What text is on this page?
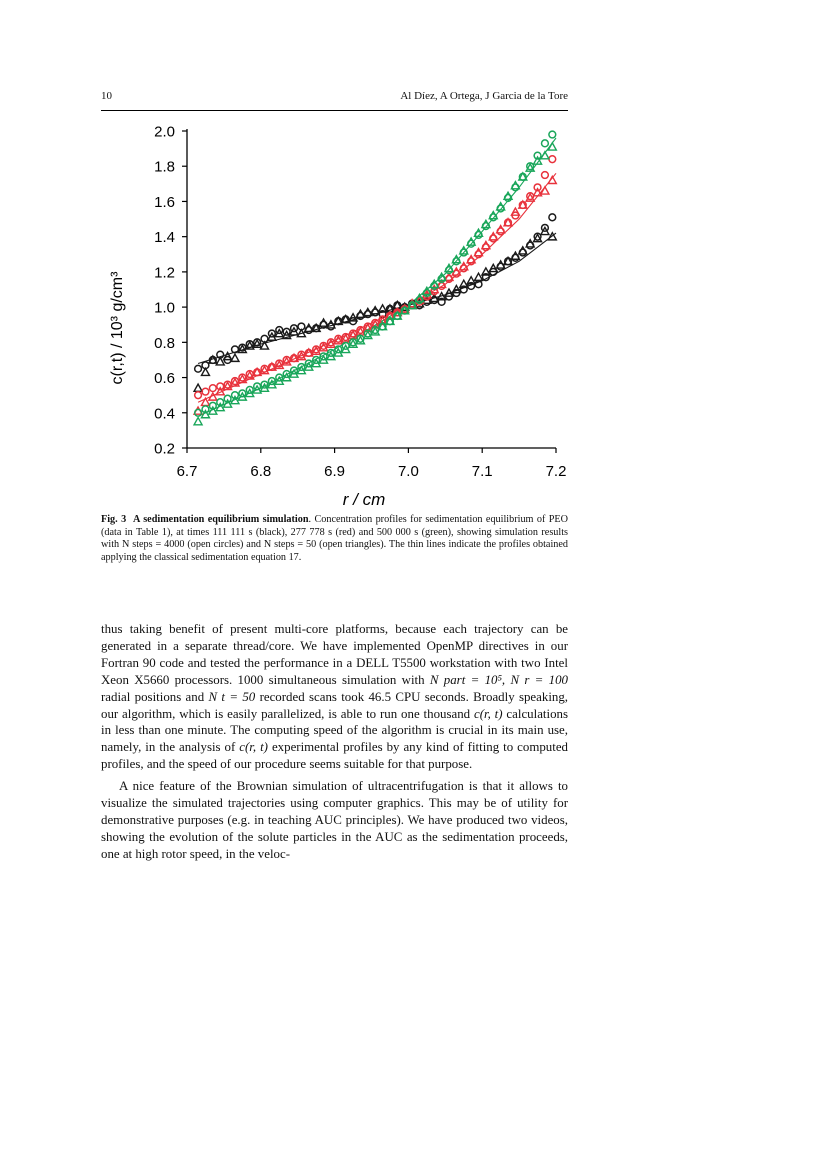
10	Al Díez, A Ortega, J Garcia de la Tore
0.2
0.4
0.6
0.8
1.0
1.2
1.4
1.6
1.8
2.0
6.7	6.8	6.9	7.0	7.1	7.2
r / cm
c(r,t) / 10³ g/cm³
Fig. 3 A sedimentation equilibrium simulation. Concentration profiles for sedimentation equilibrium of PEO (data in Table 1), at times 111 111 s (black), 277 778 s (red) and 500 000 s (green), showing simulation results with N steps = 4000 (open circles) and N steps = 50 (open triangles). The thin lines indicate the profiles obtained applying the classical sedimentation equation 17.

thus taking benefit of present multi-core platforms, because each trajectory can be generated in a separate thread/core. We have implemented OpenMP directives in our Fortran 90 code and tested the performance in a DELL T5500 workstation with two Intel Xeon X5660 processors. 1000 simultaneous simulation with N part = 10⁵, N r = 100 radial positions and N t = 50 recorded scans took 46.5 CPU seconds. Broadly speaking, our algorithm, which is easily parallelized, is able to run one thousand c(r, t) calculations in less than one minute. The computing speed of the algorithm is crucial in its main use, namely, in the analysis of c(r, t) experimental profiles by any kind of fitting to computed profiles, and the speed of our procedure seems suitable for that purpose.

A nice feature of the Brownian simulation of ultracentrifugation is that it allows to visualize the simulated trajectories using computer graphics. This may be of utility for demonstrative purposes (e.g. in teaching AUC principles). We have produced two videos, showing the evolution of the solute particles in the AUC as the sedimentation proceeds, one at high rotor speed, in the veloc-
